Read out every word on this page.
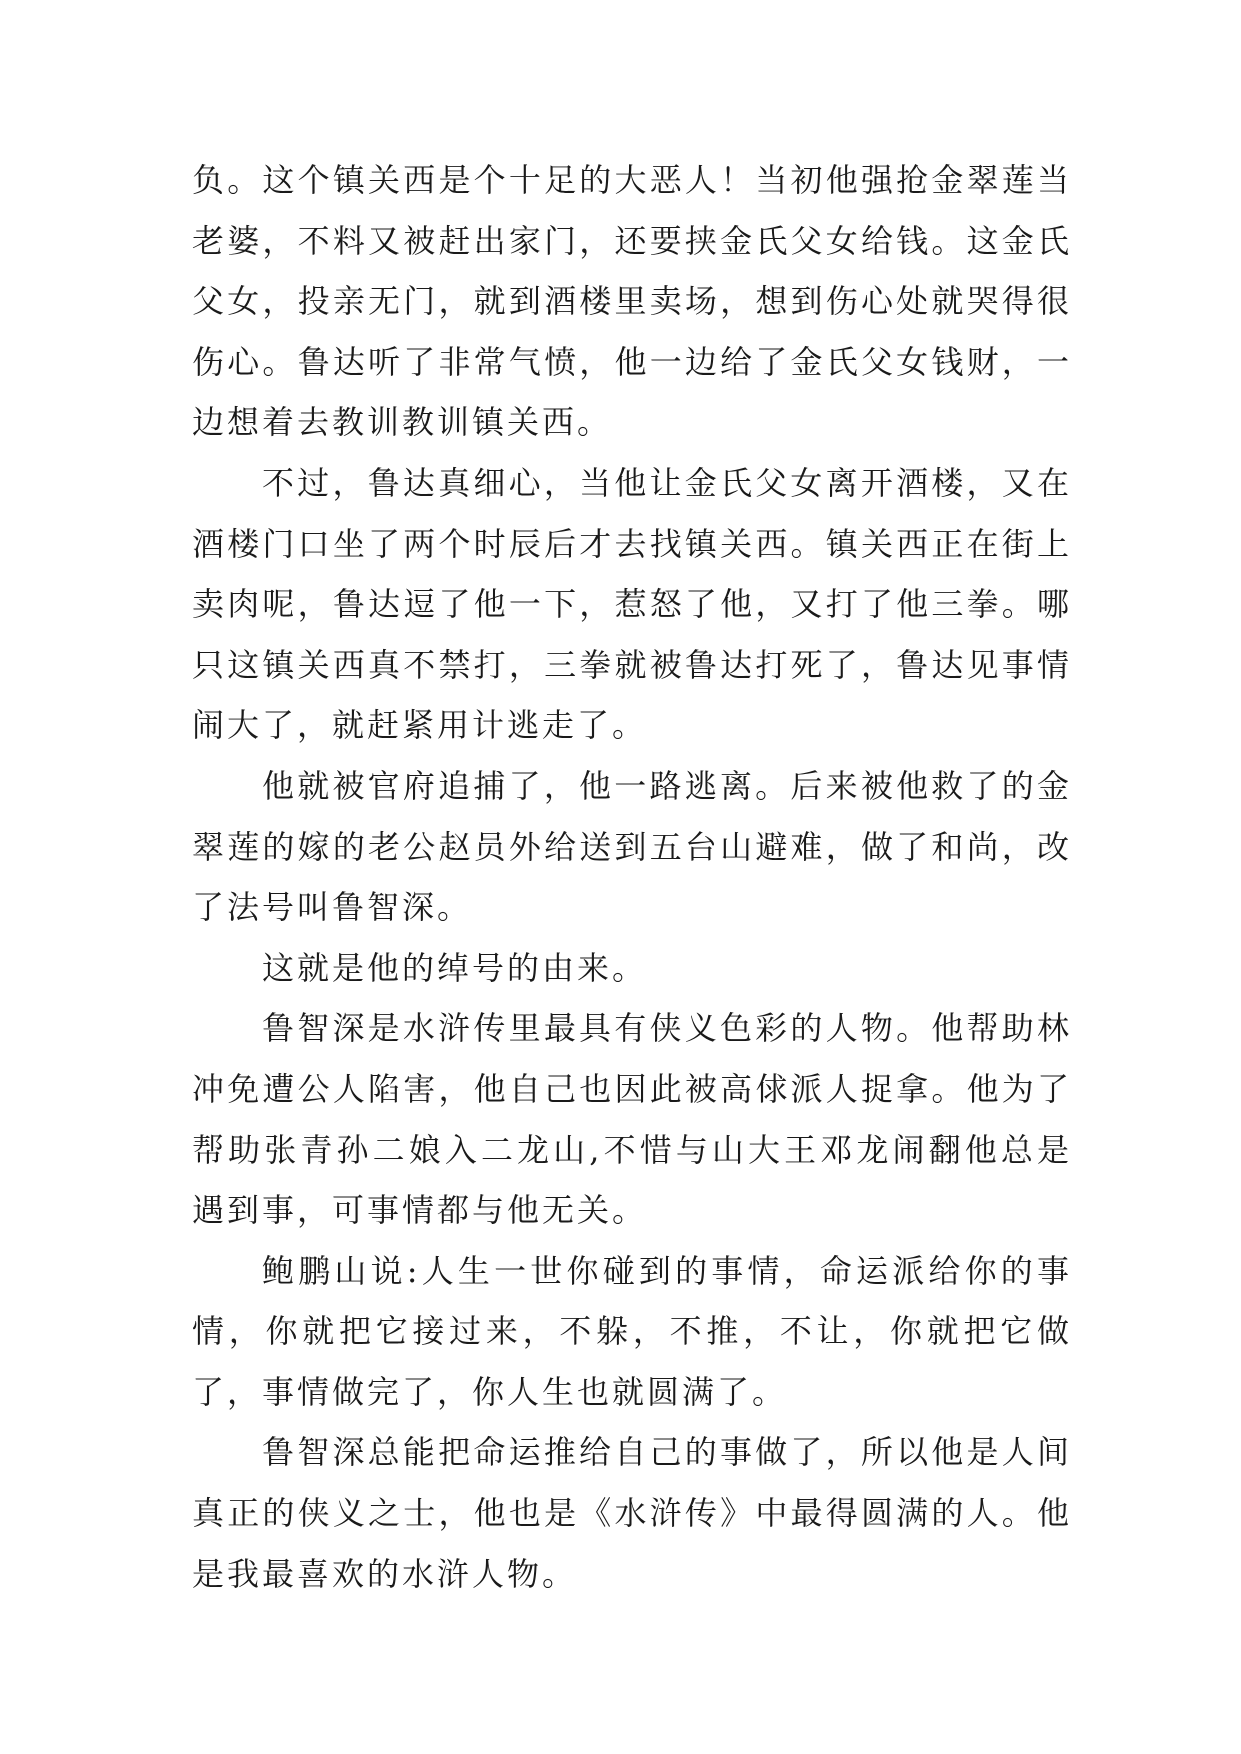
负。这个镇关西是个十足的大恶人！当初他强抢金翠莲当老婆，不料又被赶出家门，还要挟金氏父女给钱。这金氏父女，投亲无门，就到酒楼里卖场，想到伤心处就哭得很伤心。鲁达听了非常气愤，他一边给了金氏父女钱财，一边想着去教训教训镇关西。

不过，鲁达真细心，当他让金氏父女离开酒楼，又在酒楼门口坐了两个时辰后才去找镇关西。镇关西正在街上卖肉呢，鲁达逗了他一下，惹怒了他，又打了他三拳。哪只这镇关西真不禁打，三拳就被鲁达打死了，鲁达见事情闹大了，就赶紧用计逃走了。

他就被官府追捕了，他一路逃离。后来被他救了的金翠莲的嫁的老公赵员外给送到五台山避难，做了和尚，改了法号叫鲁智深。

这就是他的绰号的由来。

鲁智深是水浒传里最具有侠义色彩的人物。他帮助林冲免遭公人陷害，他自己也因此被高俅派人捉拿。他为了帮助张青孙二娘入二龙山,不惜与山大王邓龙闹翻他总是遇到事，可事情都与他无关。

鲍鹏山说:人生一世你碰到的事情，命运派给你的事情，你就把它接过来，不躲，不推，不让，你就把它做了，事情做完了，你人生也就圆满了。

鲁智深总能把命运推给自己的事做了，所以他是人间真正的侠义之士，他也是《水浒传》中最得圆满的人。他是我最喜欢的水浒人物。
